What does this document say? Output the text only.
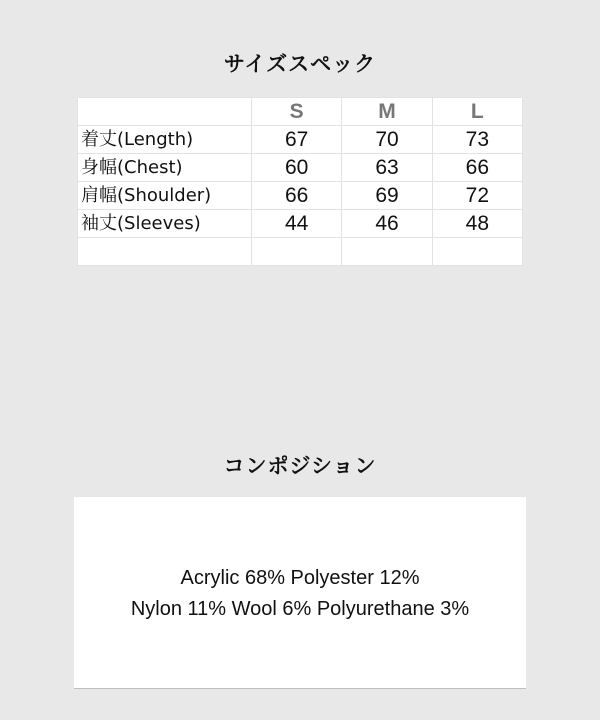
サイズスペック
	S	M	L
着丈(Length)	67	70	73
身幅(Chest)	60	63	66
肩幅(Shoulder)	66	69	72
袖丈(Sleeves)	44	46	48

コンポジション
Acrylic 68% Polyester 12%
Nylon 11% Wool 6% Polyurethane 3%
